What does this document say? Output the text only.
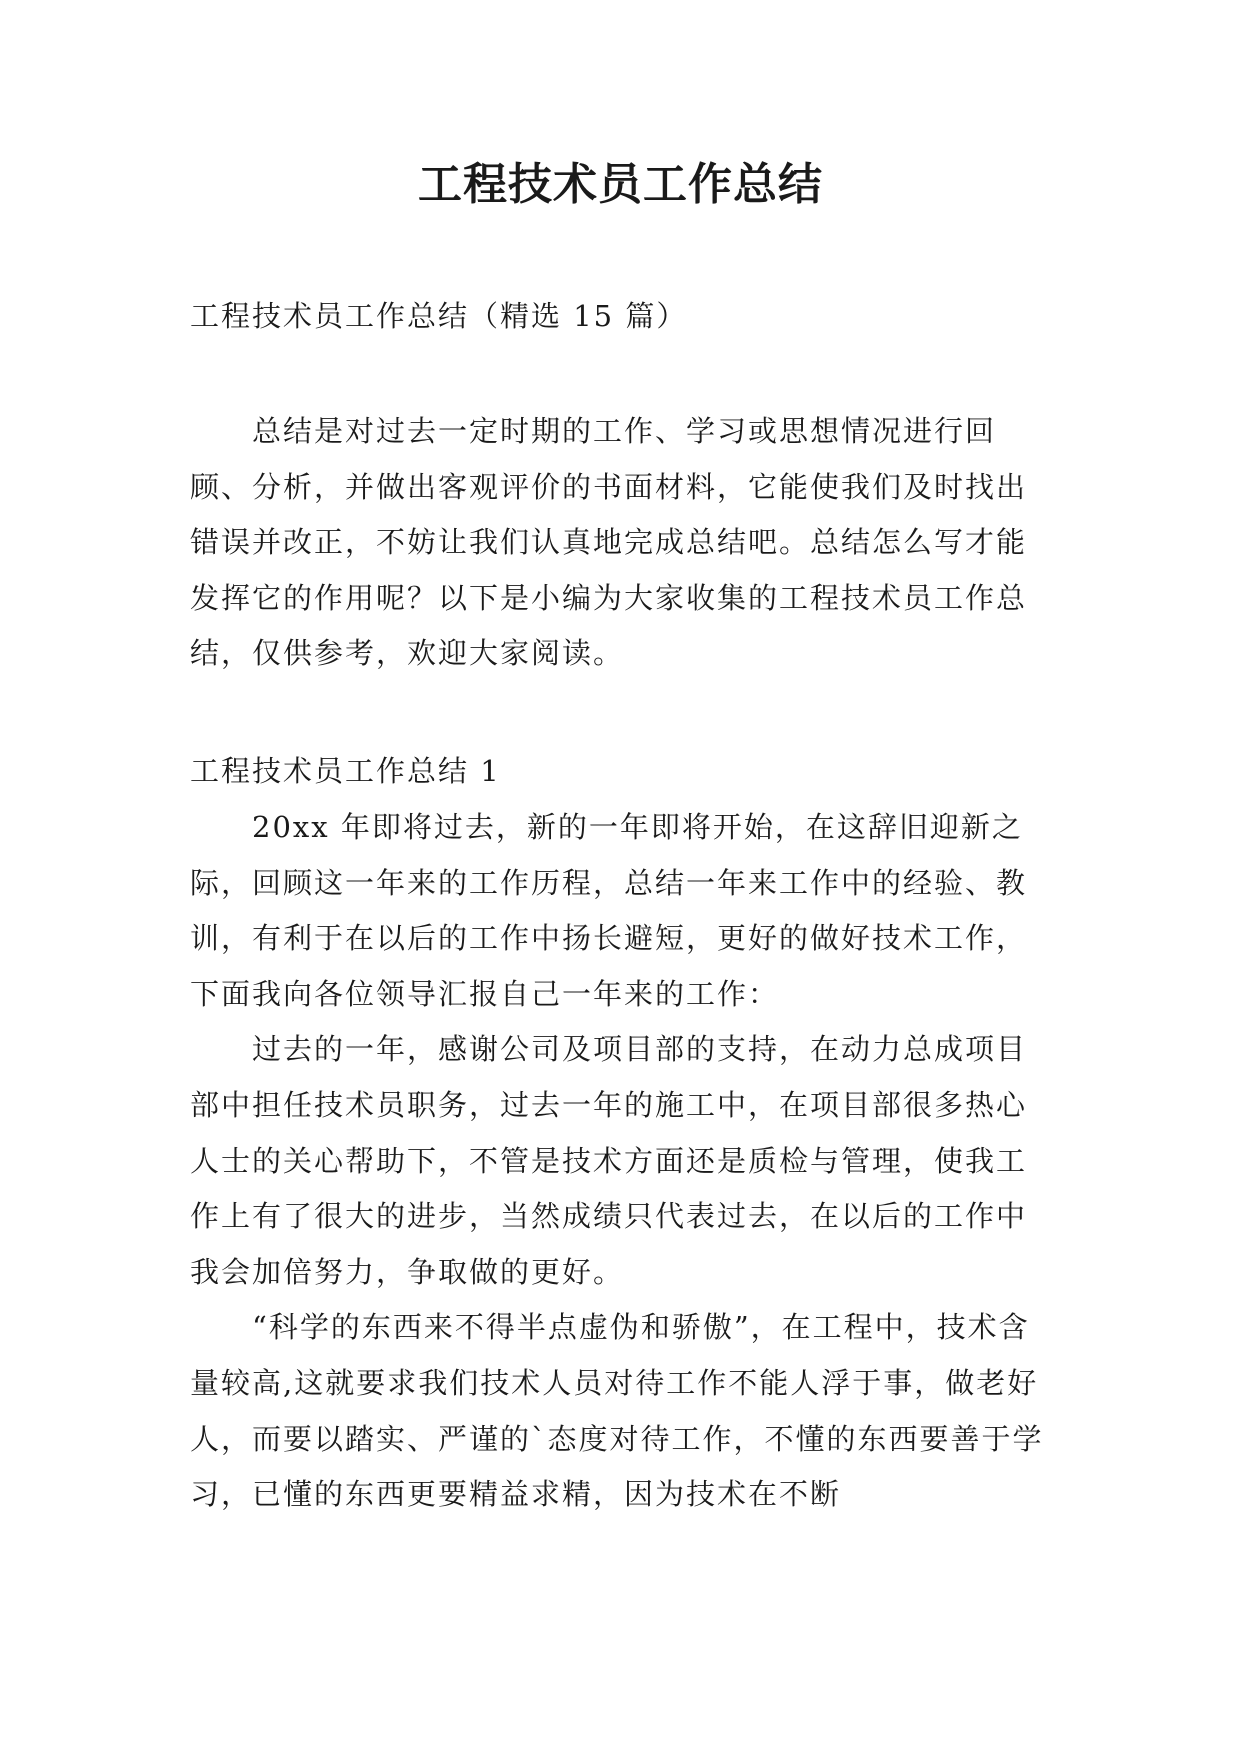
工程技术员工作总结

工程技术员工作总结（精选 15 篇）

总结是对过去一定时期的工作、学习或思想情况进行回顾、分析，并做出客观评价的书面材料，它能使我们及时找出错误并改正，不妨让我们认真地完成总结吧。总结怎么写才能发挥它的作用呢？以下是小编为大家收集的工程技术员工作总结，仅供参考，欢迎大家阅读。

工程技术员工作总结 1

20xx 年即将过去，新的一年即将开始，在这辞旧迎新之际，回顾这一年来的工作历程，总结一年来工作中的经验、教训，有利于在以后的工作中扬长避短，更好的做好技术工作，下面我向各位领导汇报自己一年来的工作：

过去的一年，感谢公司及项目部的支持，在动力总成项目部中担任技术员职务，过去一年的施工中，在项目部很多热心人士的关心帮助下，不管是技术方面还是质检与管理，使我工作上有了很大的进步，当然成绩只代表过去，在以后的工作中我会加倍努力，争取做的更好。

“科学的东西来不得半点虚伪和骄傲”，在工程中，技术含量较高,这就要求我们技术人员对待工作不能人浮于事，做老好人，而要以踏实、严谨的`态度对待工作，不懂的东西要善于学习，已懂的东西更要精益求精，因为技术在不断
